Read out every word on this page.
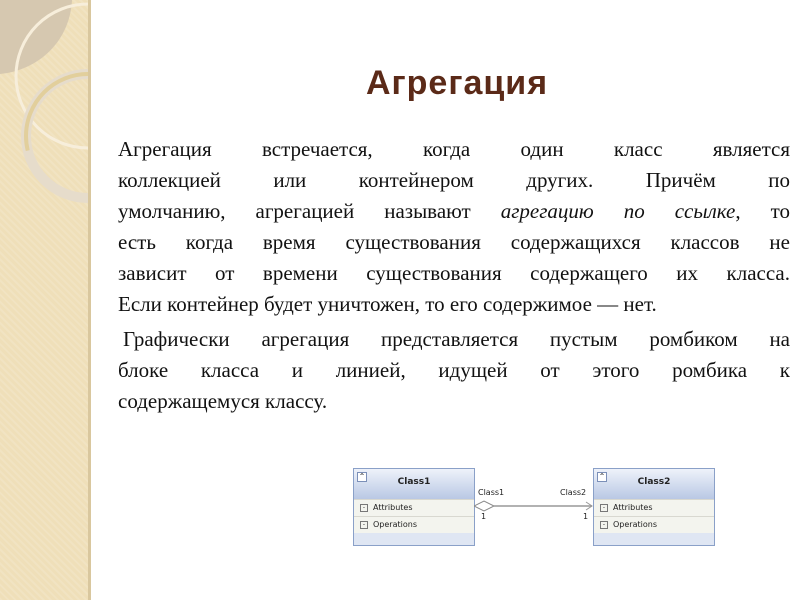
Агрегация
Агрегация встречается, когда один класс является
коллекцией или контейнером других. Причём по
умолчанию, агрегацией называют агрегацию по ссылке, то
есть когда время существования содержащихся классов не
зависит от времени существования содержащего их класса.
Если контейнер будет уничтожен, то его содержимое — нет.
Графически агрегация представляется пустым ромбиком на
блоке класса и линией, идущей от этого ромбика к
содержащемуся классу.
^
Class1
- Attributes
- Operations
Class1	Class2
1	1
^
Class2
- Attributes
- Operations
